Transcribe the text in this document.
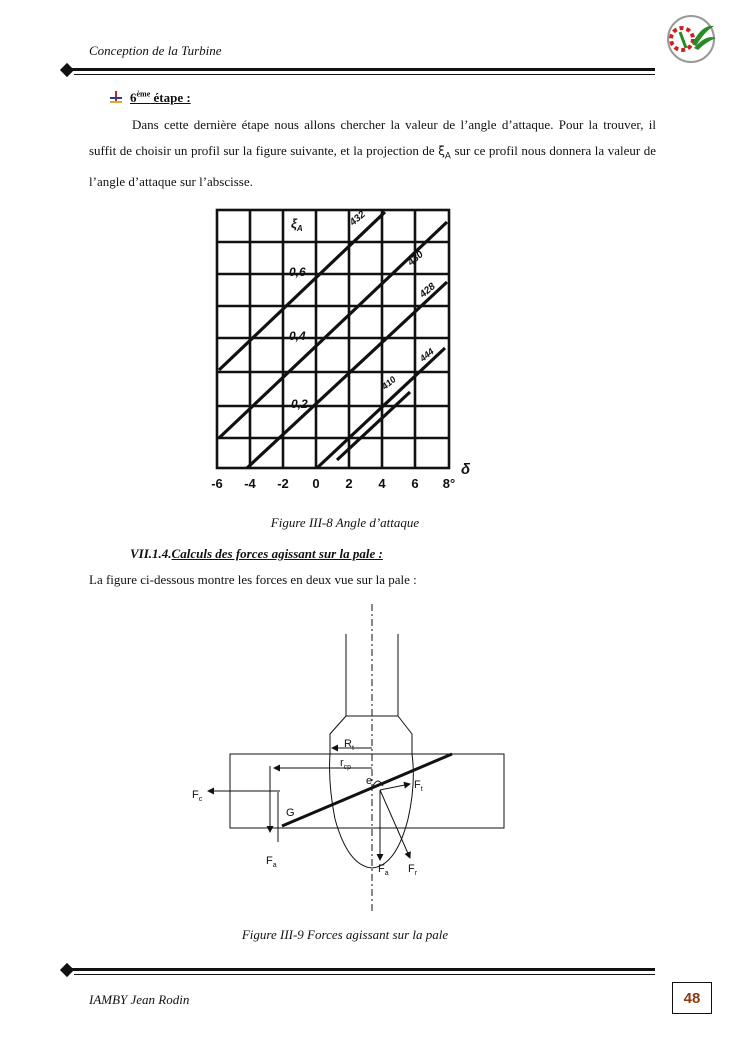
Conception de la Turbine
6ème étape :

Dans cette dernière étape nous allons chercher la valeur de l’angle d’attaque. Pour la trouver, il suffit de choisir un profil sur la figure suivante, et la projection de $\xi_A$ sur ce profil nous donnera la valeur de l’angle d’attaque sur l’abscisse.

$\xi_A$
0,6
0,4
0,2
432
430
428
410
444
δ
-6 -4 -2 0 2 4 6 8°
Figure III-8 Angle d’attaque
VII.1.4.Calculs des forces agissant sur la pale :
La figure ci-dessous montre les forces en deux vue sur la pale :
$R_t$
$r_{cp}$
e	$F_t$
$F_c$
G
$F_a$	$F_a$ $F_r$
Figure III-9 Forces agissant sur la pale
IAMBY Jean Rodin	48
